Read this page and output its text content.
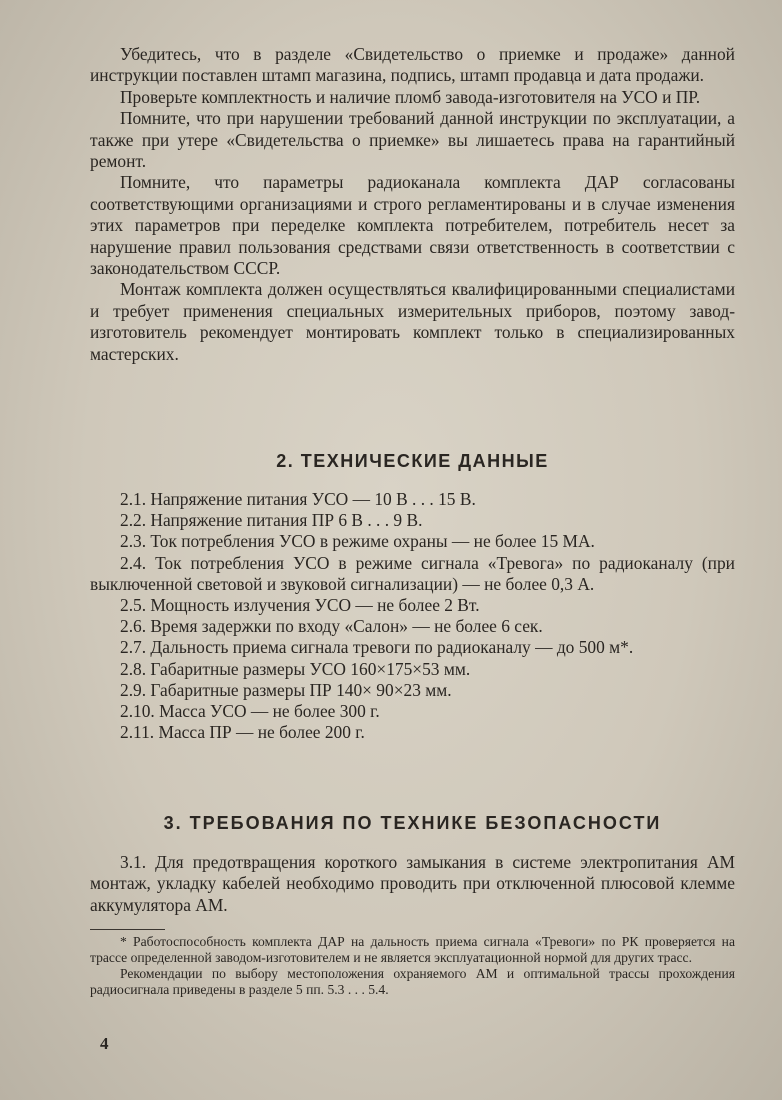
Убедитесь, что в разделе «Свидетельство о приемке и продаже» данной инструкции поставлен штамп магазина, подпись, штамп продавца и дата продажи.

Проверьте комплектность и наличие пломб завода-изготовителя на УСО и ПР.

Помните, что при нарушении требований данной инструкции по эксплуатации, а также при утере «Свидетельства о приемке» вы лишаетесь права на гарантийный ремонт.

Помните, что параметры радиоканала комплекта ДАР согласованы соответствующими организациями и строго регламентированы и в случае изменения этих параметров при переделке комплекта потребителем, потребитель несет за нарушение правил пользования средствами связи ответственность в соответствии с законодательством СССР.

Монтаж комплекта должен осуществляться квалифицированными специалистами и требует применения специальных измерительных приборов, поэтому завод-изготовитель рекомендует монтировать комплект только в специализированных мастерских.

2. ТЕХНИЧЕСКИЕ ДАННЫЕ

2.1. Напряжение питания УСО — 10 В . . . 15 В.

2.2. Напряжение питания ПР 6 В . . . 9 В.

2.3. Ток потребления УСО в режиме охраны — не более 15 МА.

2.4. Ток потребления УСО в режиме сигнала «Тревога» по радиоканалу (при выключенной световой и звуковой сигнализации) — не более 0,3 А.

2.5. Мощность излучения УСО — не более 2 Вт.

2.6. Время задержки по входу «Салон» — не более 6 сек.

2.7. Дальность приема сигнала тревоги по радиоканалу — до 500 м*.

2.8. Габаритные размеры УСО 160×175×53 мм.

2.9. Габаритные размеры ПР 140× 90×23 мм.

2.10. Масса УСО — не более 300 г.

2.11. Масса ПР — не более 200 г.

3. ТРЕБОВАНИЯ ПО ТЕХНИКЕ БЕЗОПАСНОСТИ

3.1. Для предотвращения короткого замыкания в системе электропитания АМ монтаж, укладку кабелей необходимо проводить при отключенной плюсовой клемме аккумулятора АМ.

* Работоспособность комплекта ДАР на дальность приема сигнала «Тревоги» по РК проверяется на трассе определенной заводом-изготовителем и не является эксплуатационной нормой для других трасс.

Рекомендации по выбору местоположения охраняемого АМ и оптимальной трассы прохождения радиосигнала приведены в разделе 5 пп. 5.3 . . . 5.4.

4
